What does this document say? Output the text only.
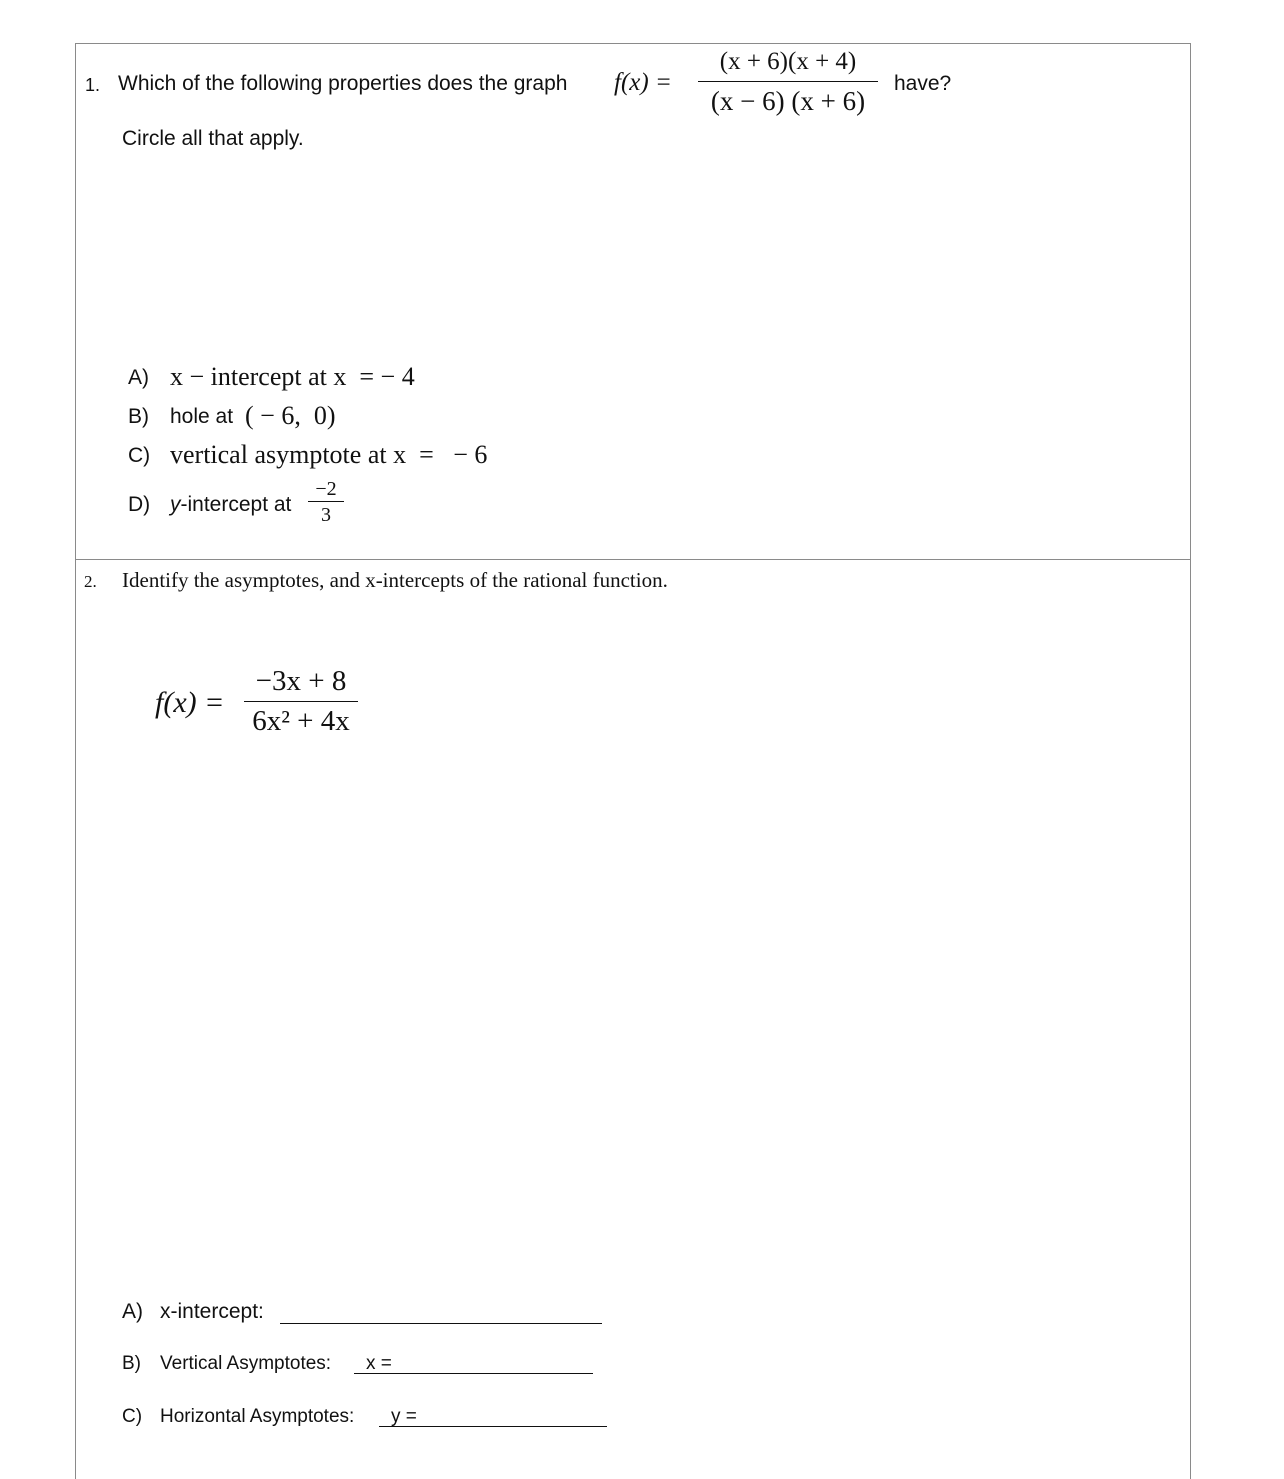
1. Which of the following properties does the graph f(x) =
(x + 6)(x + 4)
(x − 6) (x + 6)
have?
Circle all that apply.
A) x − intercept at x  = − 4
B) hole at ( − 6,  0)
C) vertical asymptote at x  =   − 6
D) y-intercept at
−2
3
2. Identify the asymptotes, and x-intercepts of the rational function.
f(x) =
−3x + 8
6x² + 4x
A) x-intercept:
B) Vertical Asymptotes:	x =
C) Horizontal Asymptotes:	y =
